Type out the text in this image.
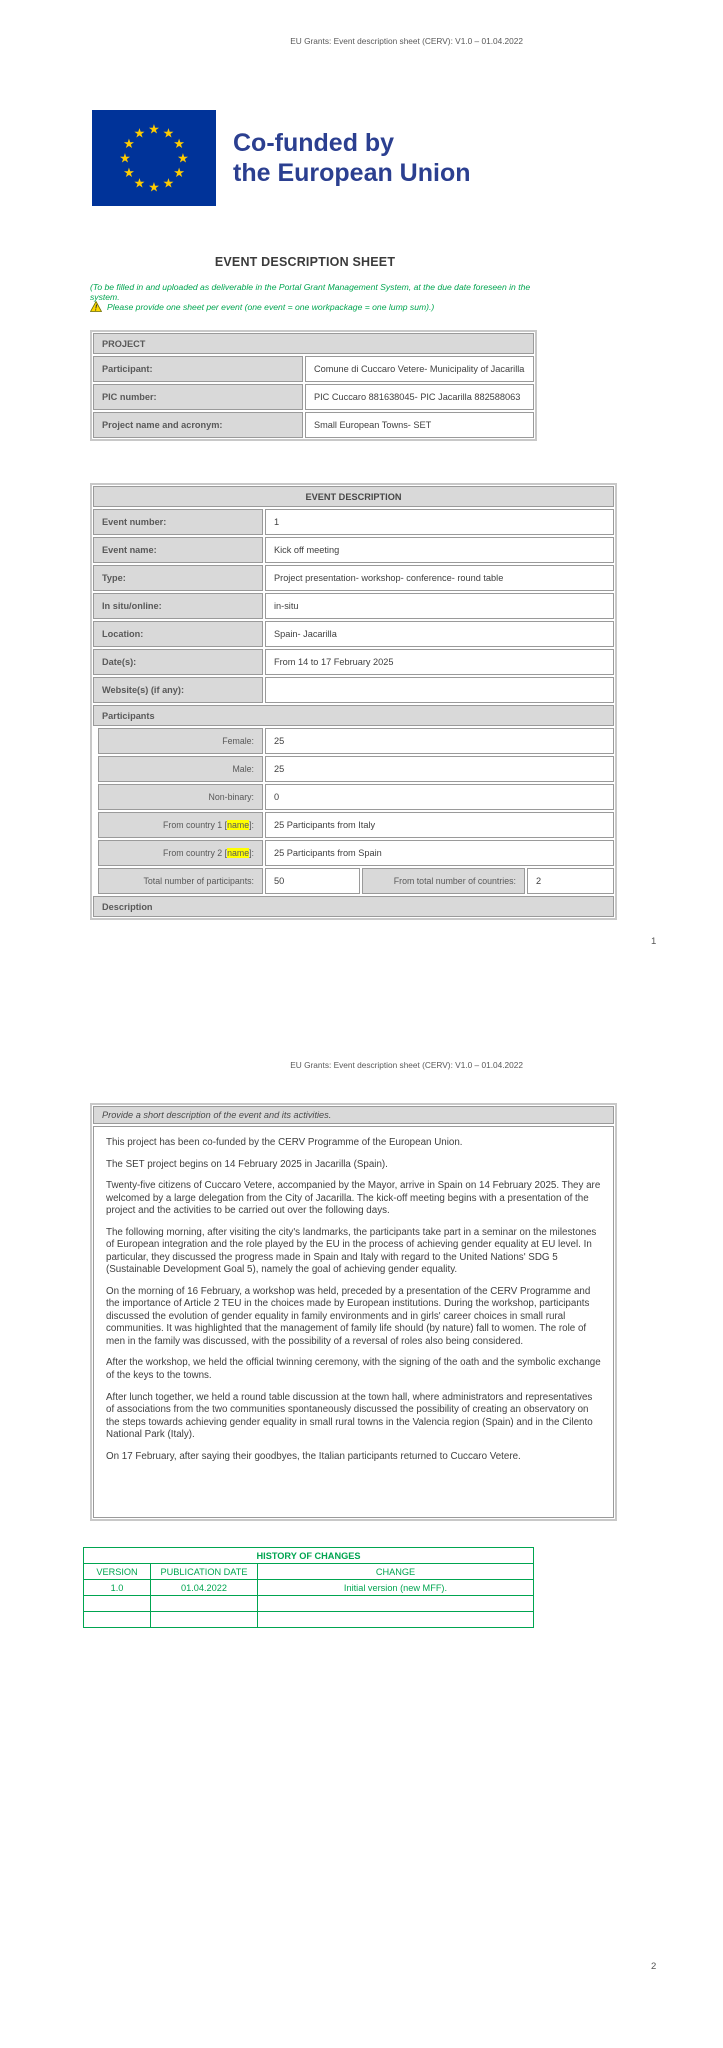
EU Grants: Event description sheet (CERV): V1.0 – 01.04.2022
★ ★
★
★
★
★
★
★
★
★
★
★	Co-funded by
the European Union
EVENT DESCRIPTION SHEET
(To be filled in and uploaded as deliverable in the Portal Grant Management System, at the due date foreseen in the system.
! Please provide one sheet per event (one event = one workpackage = one lump sum).)
PROJECT
Participant:	Comune di Cuccaro Vetere- Municipality of Jacarilla
PIC number:	PIC Cuccaro 881638045- PIC Jacarilla 882588063
Project name and acronym:	Small European Towns- SET
EVENT DESCRIPTION
Event number:	1
Event name:	Kick off meeting
Type:	Project presentation- workshop- conference- round table
In situ/online:	in-situ
Location:	Spain- Jacarilla
Date(s):	From 14 to 17 February 2025
Website(s) (if any):
Participants
Female:	25
Male:	25
Non-binary:	0
From country 1 [ name ]:	25 Participants from Italy
From country 2 [ name ]:	25 Participants from Spain
Total number of participants:	50	From total number of countries:	2
Description
1
EU Grants: Event description sheet (CERV): V1.0 – 01.04.2022
Provide a short description of the event and its activities.

This project has been co-funded by the CERV Programme of the European Union.

The SET project begins on 14 February 2025 in Jacarilla (Spain).

Twenty-five citizens of Cuccaro Vetere, accompanied by the Mayor, arrive in Spain on 14 February 2025. They are welcomed by a large delegation from the City of Jacarilla. The kick-off meeting begins with a presentation of the project and the activities to be carried out over the following days.

The following morning, after visiting the city's landmarks, the participants take part in a seminar on the milestones of European integration and the role played by the EU in the process of achieving gender equality at EU level. In particular, they discussed the progress made in Spain and Italy with regard to the United Nations' SDG 5 (Sustainable Development Goal 5), namely the goal of achieving gender equality.

On the morning of 16 February, a workshop was held, preceded by a presentation of the CERV Programme and the importance of Article 2 TEU in the choices made by European institutions. During the workshop, participants discussed the evolution of gender equality in family environments and in girls' career choices in small rural communities. It was highlighted that the management of family life should (by nature) fall to women. The role of men in the family was discussed, with the possibility of a reversal of roles also being considered.

After the workshop, we held the official twinning ceremony, with the signing of the oath and the symbolic exchange of the keys to the towns.

After lunch together, we held a round table discussion at the town hall, where administrators and representatives of associations from the two communities spontaneously discussed the possibility of creating an observatory on the steps towards achieving gender equality in small rural towns in the Valencia region (Spain) and in the Cilento National Park (Italy).

On 17 February, after saying their goodbyes, the Italian participants returned to Cuccaro Vetere.

HISTORY OF CHANGES		
VERSION	PUBLICATION DATE	CHANGE
1.0	01.04.2022	Initial version (new MFF).

2
